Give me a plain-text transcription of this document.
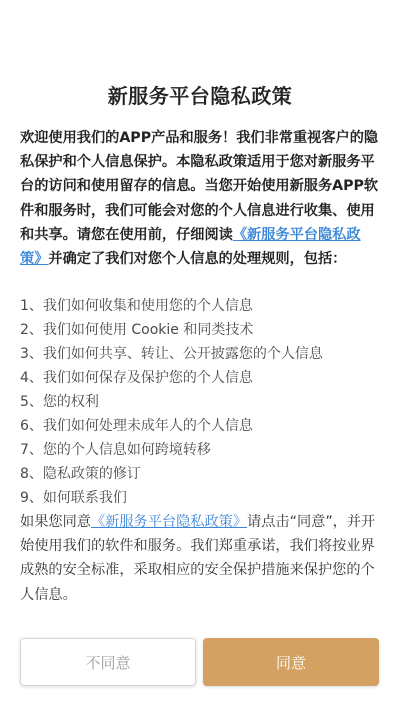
新服务平台隐私政策

欢迎使用我们的APP产品和服务！我们非常重视客户的隐私保护和个人信息保护。本隐私政策适用于您对新服务平台的访问和使用留存的信息。当您开始使用新服务APP软件和服务时，我们可能会对您的个人信息进行收集、使用和共享。请您在使用前，仔细阅读《新服务平台隐私政策》并确定了我们对您个人信息的处理规则，包括：

1、我们如何收集和使用您的个人信息
2、我们如何使用 Cookie 和同类技术
3、我们如何共享、转让、公开披露您的个人信息
4、我们如何保存及保护您的个人信息
5、您的权利
6、我们如何处理未成年人的个人信息
7、您的个人信息如何跨境转移
8、隐私政策的修订
9、如何联系我们

如果您同意《新服务平台隐私政策》请点击“同意”，并开始使用我们的软件和服务。我们郑重承诺，我们将按业界成熟的安全标准，采取相应的安全保护措施来保护您的个人信息。

不同意	同意
